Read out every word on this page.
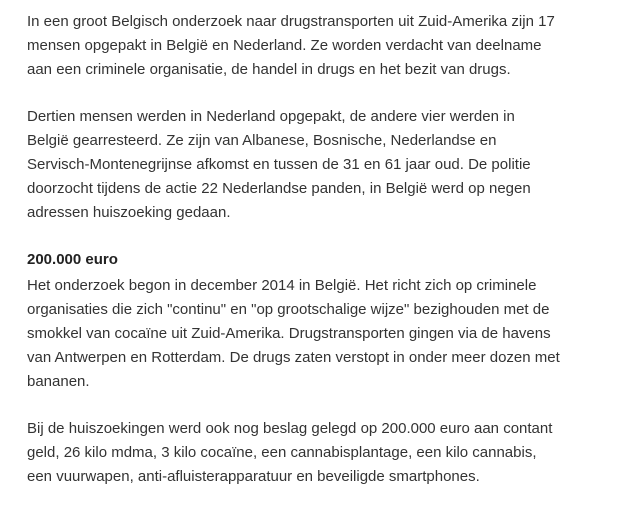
In een groot Belgisch onderzoek naar drugstransporten uit Zuid-Amerika zijn 17
mensen opgepakt in België en Nederland. Ze worden verdacht van deelname
aan een criminele organisatie, de handel in drugs en het bezit van drugs.

Dertien mensen werden in Nederland opgepakt, de andere vier werden in
België gearresteerd. Ze zijn van Albanese, Bosnische, Nederlandse en
Servisch-Montenegrijnse afkomst en tussen de 31 en 61 jaar oud. De politie
doorzocht tijdens de actie 22 Nederlandse panden, in België werd op negen
adressen huiszoeking gedaan.

200.000 euro

Het onderzoek begon in december 2014 in België. Het richt zich op criminele
organisaties die zich "continu" en "op grootschalige wijze" bezighouden met de
smokkel van cocaïne uit Zuid-Amerika. Drugstransporten gingen via de havens
van Antwerpen en Rotterdam. De drugs zaten verstopt in onder meer dozen met
bananen.

Bij de huiszoekingen werd ook nog beslag gelegd op 200.000 euro aan contant
geld, 26 kilo mdma, 3 kilo cocaïne, een cannabisplantage, een kilo cannabis,
een vuurwapen, anti-afluisterapparatuur en beveiligde smartphones.
